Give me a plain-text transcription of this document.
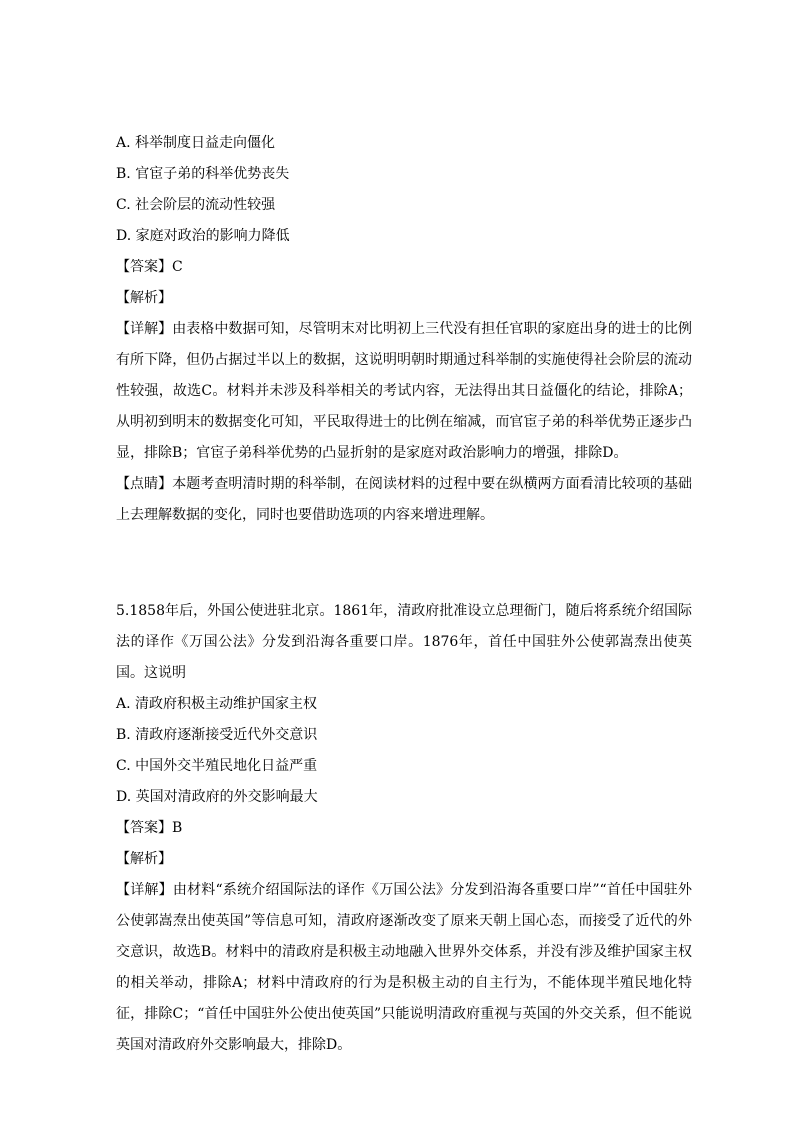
A. 科举制度日益走向僵化
B. 官宦子弟的科举优势丧失
C. 社会阶层的流动性较强
D. 家庭对政治的影响力降低
【答案】C
【解析】
【详解】由表格中数据可知，尽管明末对比明初上三代没有担任官职的家庭出身的进士的比例有所下降，但仍占据过半以上的数据，这说明明朝时期通过科举制的实施使得社会阶层的流动性较强，故选C。材料并未涉及科举相关的考试内容，无法得出其日益僵化的结论，排除A；从明初到明末的数据变化可知，平民取得进士的比例在缩减，而官宦子弟的科举优势正逐步凸显，排除B；官宦子弟科举优势的凸显折射的是家庭对政治影响力的增强，排除D。
【点睛】本题考查明清时期的科举制，在阅读材料的过程中要在纵横两方面看清比较项的基础上去理解数据的变化，同时也要借助选项的内容来增进理解。
5.1858年后，外国公使进驻北京。1861年，清政府批准设立总理衙门，随后将系统介绍国际法的译作《万国公法》分发到沿海各重要口岸。1876年，首任中国驻外公使郭嵩焘出使英国。这说明
A. 清政府积极主动维护国家主权
B. 清政府逐渐接受近代外交意识
C. 中国外交半殖民地化日益严重
D. 英国对清政府的外交影响最大
【答案】B
【解析】
【详解】由材料“系统介绍国际法的译作《万国公法》分发到沿海各重要口岸”“首任中国驻外公使郭嵩焘出使英国”等信息可知，清政府逐渐改变了原来天朝上国心态，而接受了近代的外交意识，故选B。材料中的清政府是积极主动地融入世界外交体系，并没有涉及维护国家主权的相关举动，排除A；材料中清政府的行为是积极主动的自主行为，不能体现半殖民地化特征，排除C；“首任中国驻外公使出使英国”只能说明清政府重视与英国的外交关系，但不能说英国对清政府外交影响最大，排除D。
